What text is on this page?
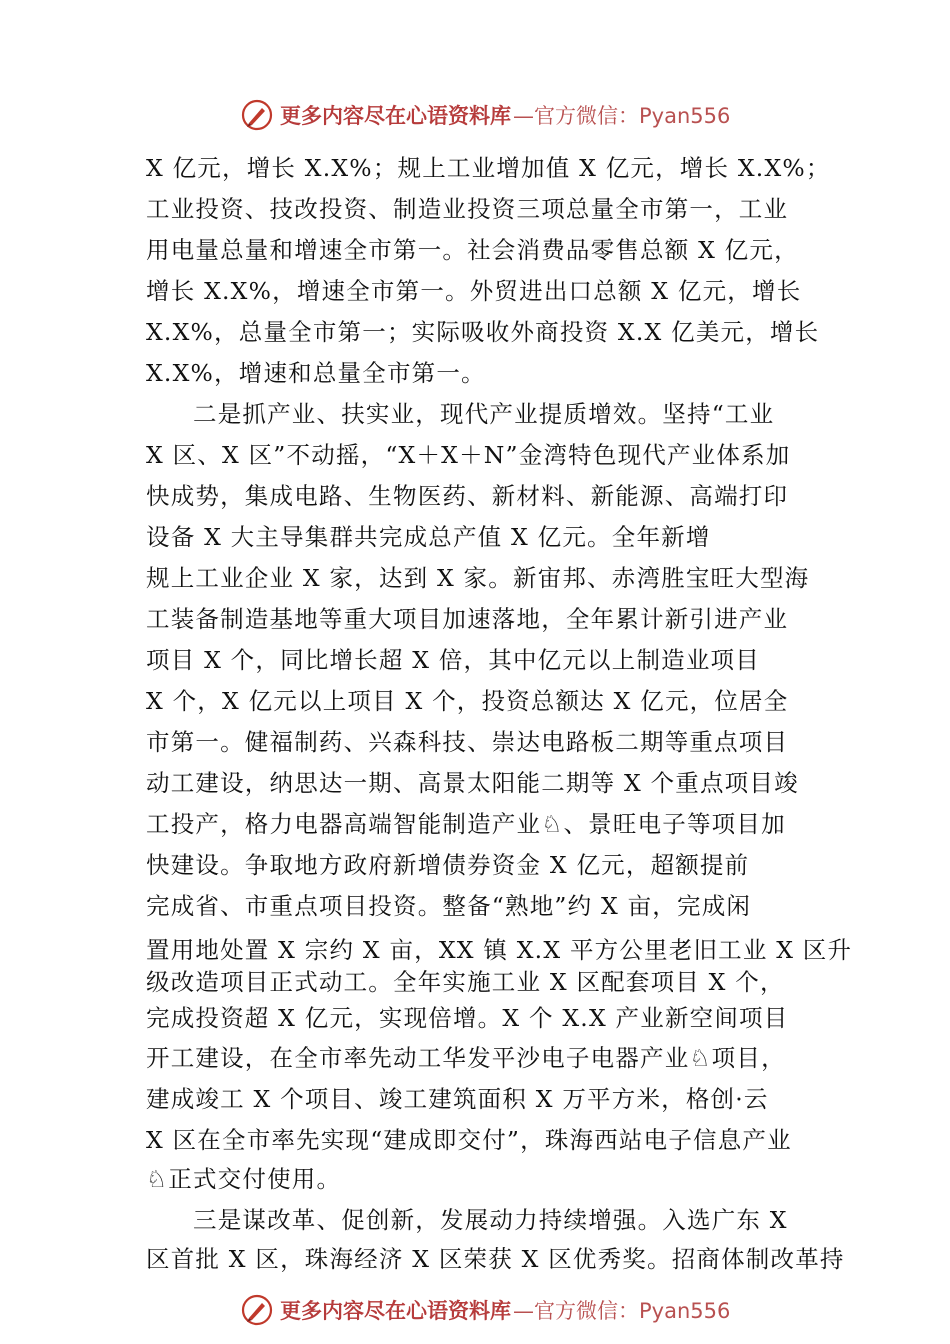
更多内容尽在心语资料库 —官方微信：Pyan556
X 亿元，增长 X.X%；规上工业增加值 X 亿元，增长 X.X%；
工业投资、技改投资、制造业投资三项总量全市第一，工业
用电量总量和增速全市第一。社会消费品零售总额 X 亿元，
增长 X.X%，增速全市第一。外贸进出口总额 X 亿元，增长
X.X%，总量全市第一；实际吸收外商投资 X.X 亿美元，增长
X.X%，增速和总量全市第一。
二是抓产业、扶实业，现代产业提质增效。坚持“工业
X 区、X 区”不动摇，“X＋X＋N”金湾特色现代产业体系加
快成势，集成电路、生物医药、新材料、新能源、高端打印
设备 X 大主导集群共完成总产值 X 亿元。全年新增
规上工业企业 X 家，达到 X 家。新宙邦、赤湾胜宝旺大型海
工装备制造基地等重大项目加速落地，全年累计新引进产业
项目 X 个，同比增长超 X 倍，其中亿元以上制造业项目
X 个，X 亿元以上项目 X 个，投资总额达 X 亿元，位居全
市第一。健福制药、兴森科技、崇达电路板二期等重点项目
动工建设，纳思达一期、高景太阳能二期等 X 个重点项目竣
工投产，格力电器高端智能制造产业♘、景旺电子等项目加
快建设。争取地方政府新增债券资金 X 亿元，超额提前
完成省、市重点项目投资。整备“熟地”约 X 亩，完成闲
置用地处置 X 宗约 X 亩，XX 镇 X.X 平方公里老旧工业 X 区升
级改造项目正式动工。全年实施工业 X 区配套项目 X 个，
完成投资超 X 亿元，实现倍增。X 个 X.X 产业新空间项目
开工建设，在全市率先动工华发平沙电子电器产业♘项目，
建成竣工 X 个项目、竣工建筑面积 X 万平方米，格创·云
X 区在全市率先实现“建成即交付”，珠海西站电子信息产业
♘正式交付使用。
三是谋改革、促创新，发展动力持续增强。入选广东 X
区首批 X 区，珠海经济 X 区荣获 X 区优秀奖。招商体制改革持
更多内容尽在心语资料库 —官方微信：Pyan556
